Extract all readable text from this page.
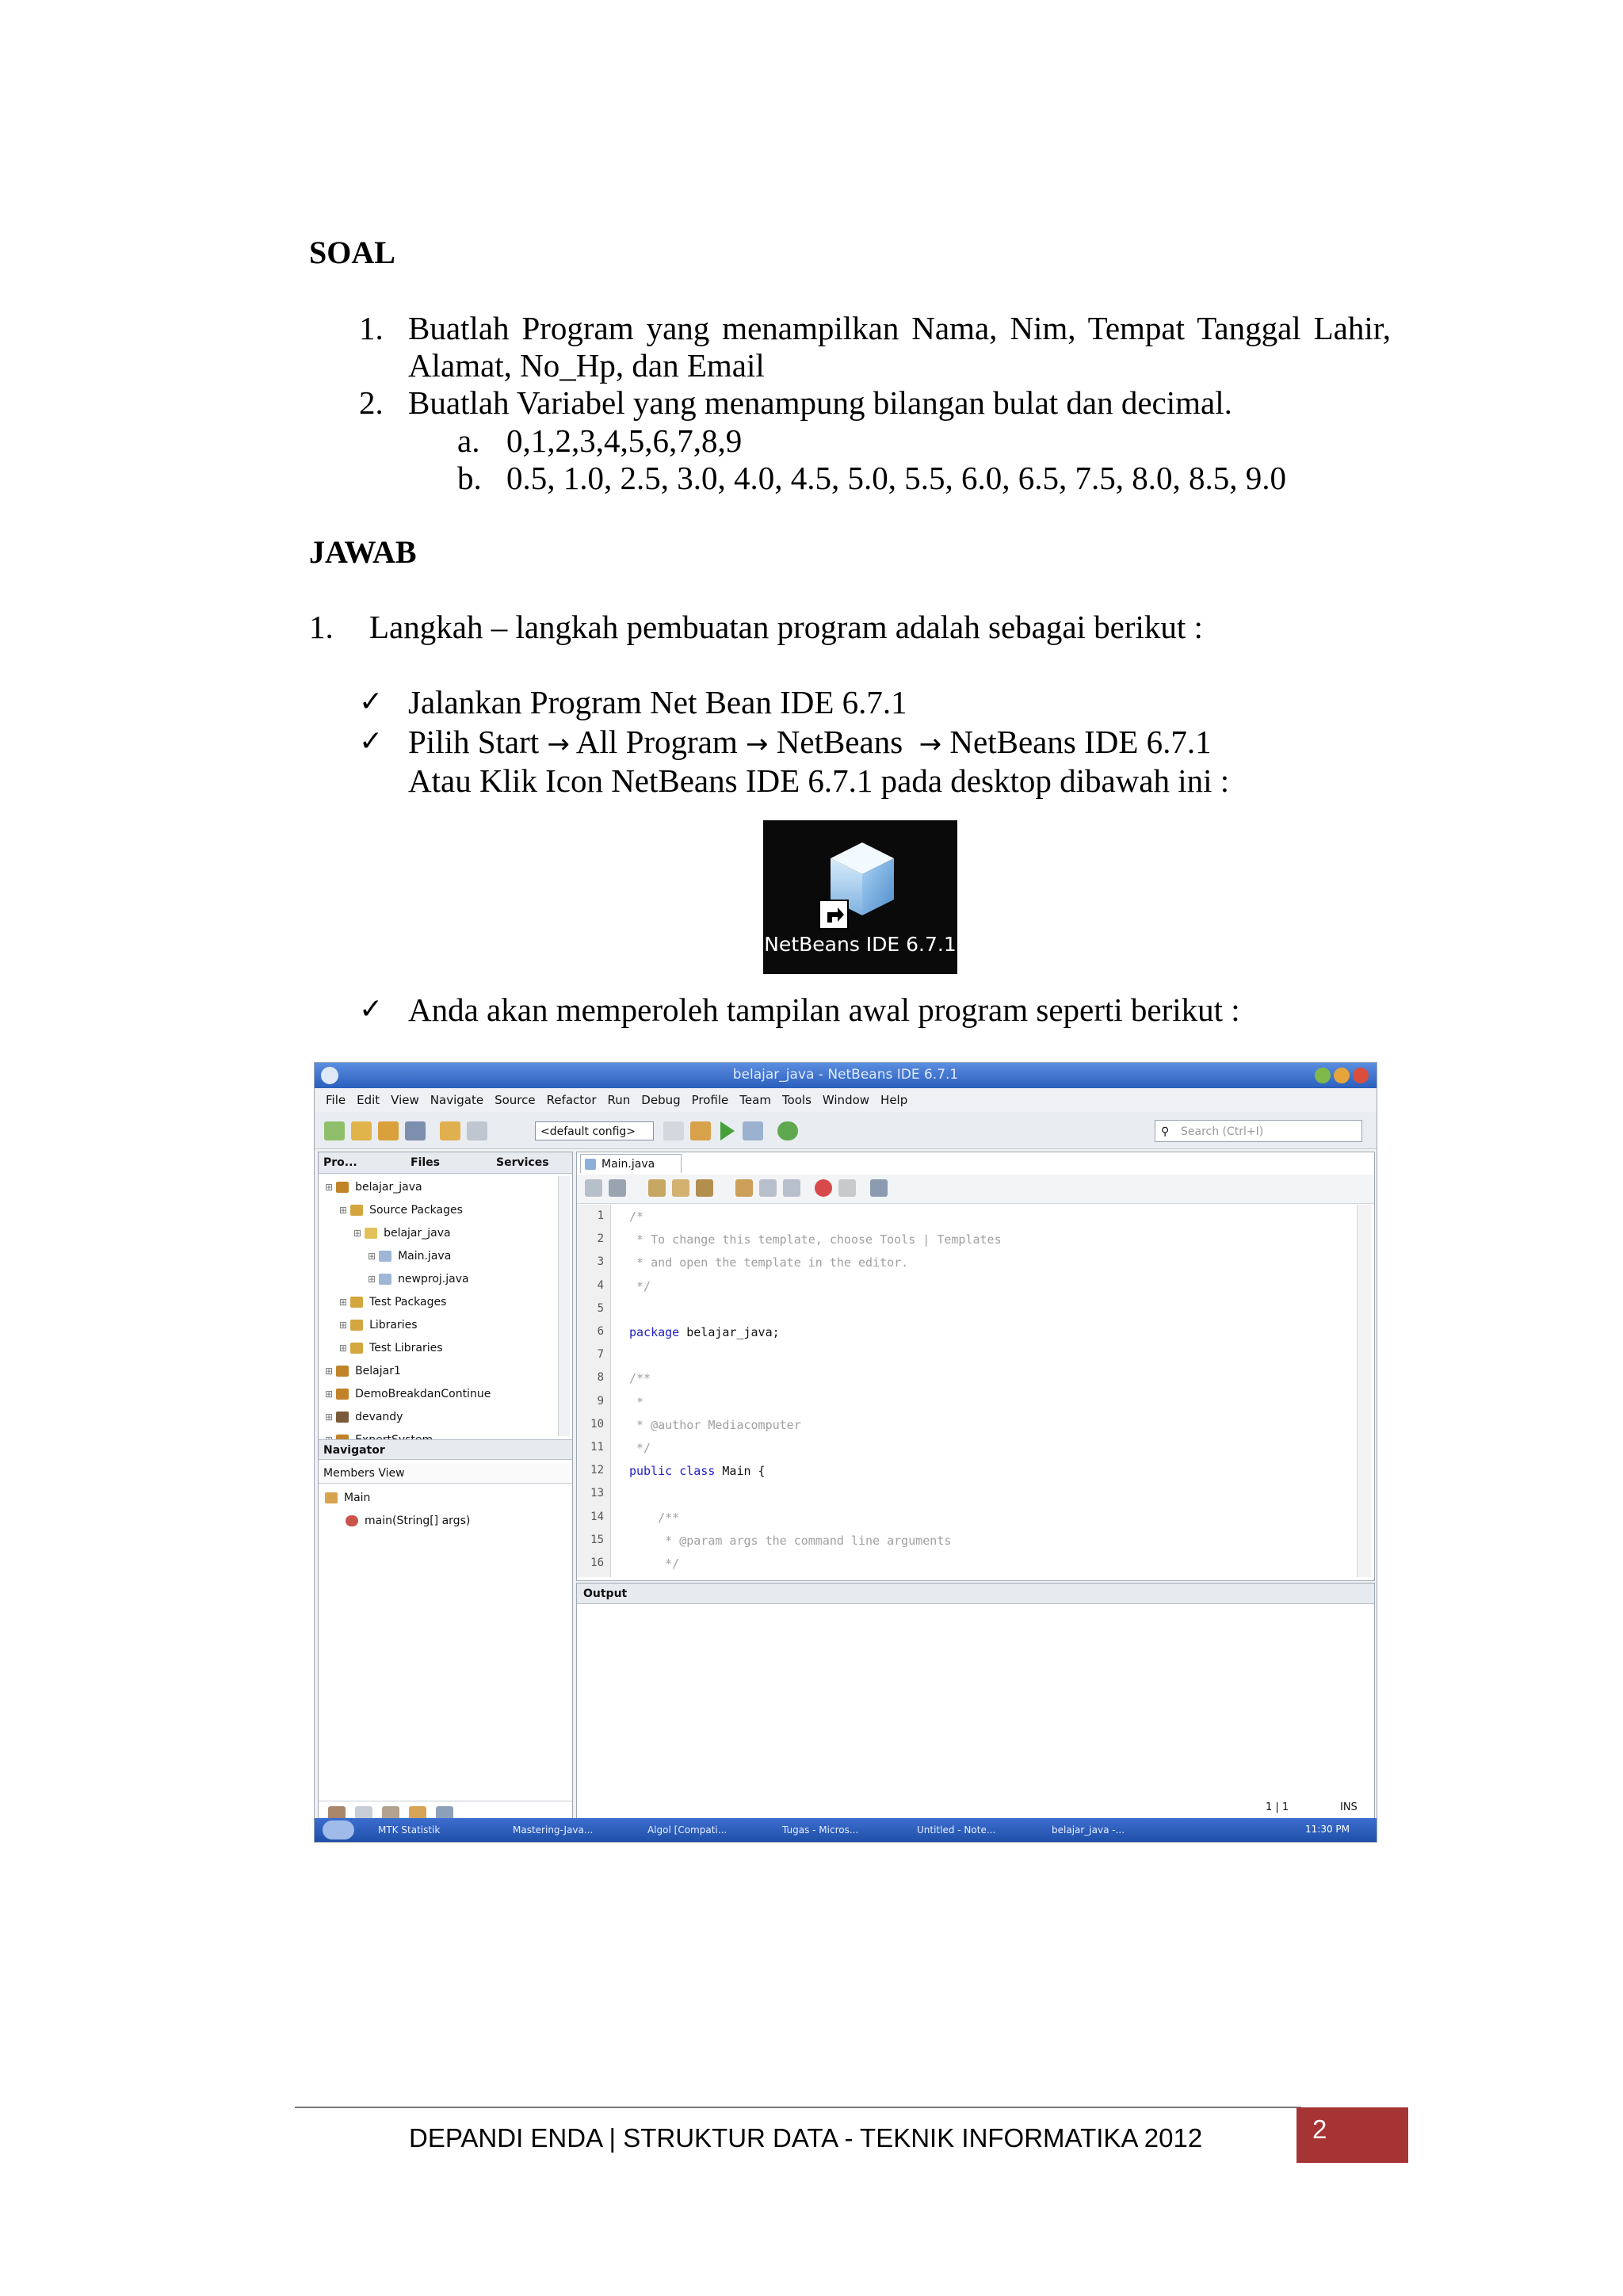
SOAL
1. Buatlah Program yang menampilkan Nama, Nim, Tempat Tanggal Lahir,
Alamat, No_Hp, dan Email
2. Buatlah Variabel yang menampung bilangan bulat dan decimal.
a. 0,1,2,3,4,5,6,7,8,9
b. 0.5, 1.0, 2.5, 3.0, 4.0, 4.5, 5.0, 5.5, 6.0, 6.5, 7.5, 8.0, 8.5, 9.0
JAWAB
1. Langkah – langkah pembuatan program adalah sebagai berikut :
✓ Jalankan Program Net Bean IDE 6.7.1
✓ Pilih Start → All Program → NetBeans → NetBeans IDE 6.7.1
Atau Klik Icon NetBeans IDE 6.7.1 pada desktop dibawah ini :
NetBeans IDE 6.7.1
✓ Anda akan memperoleh tampilan awal program seperti berikut :
belajar_java - NetBeans IDE 6.7.1
File Edit View Navigate Source Refactor Run Debug Profile Team Tools Window Help
<default config>	Search (Ctrl+I)
⚲
Pro...	Files	Services
⊞ belajar_java
⊞ Source Packages
⊞ belajar_java
⊞ Main.java
⊞ newproj.java
⊞ Test Packages
⊞ Libraries
⊞ Test Libraries
⊞ Belajar1
⊞ DemoBreakdanContinue
⊞ devandy
Navigator
Members View
Main
main(String[] args)
Main.java
1
2
3
4
5
6
7
8
9
10
11
12
13
14
15
16
/*
* To change this template, choose Tools | Templates
* and open the template in the editor.
*/
package belajar_java;
/**
*
* @author Mediacomputer
*/
public class Main {
/**
* @param args the command line arguments
*/
Output
1 | 1	INS
11:30 PM
MTK Statistik	Mastering-Java...	Algol [Compati...	Tugas - Micros...	Untitled - Note...	belajar_java -...
DEPANDI ENDA | STRUKTUR DATA - TEKNIK INFORMATIKA 2012	2
